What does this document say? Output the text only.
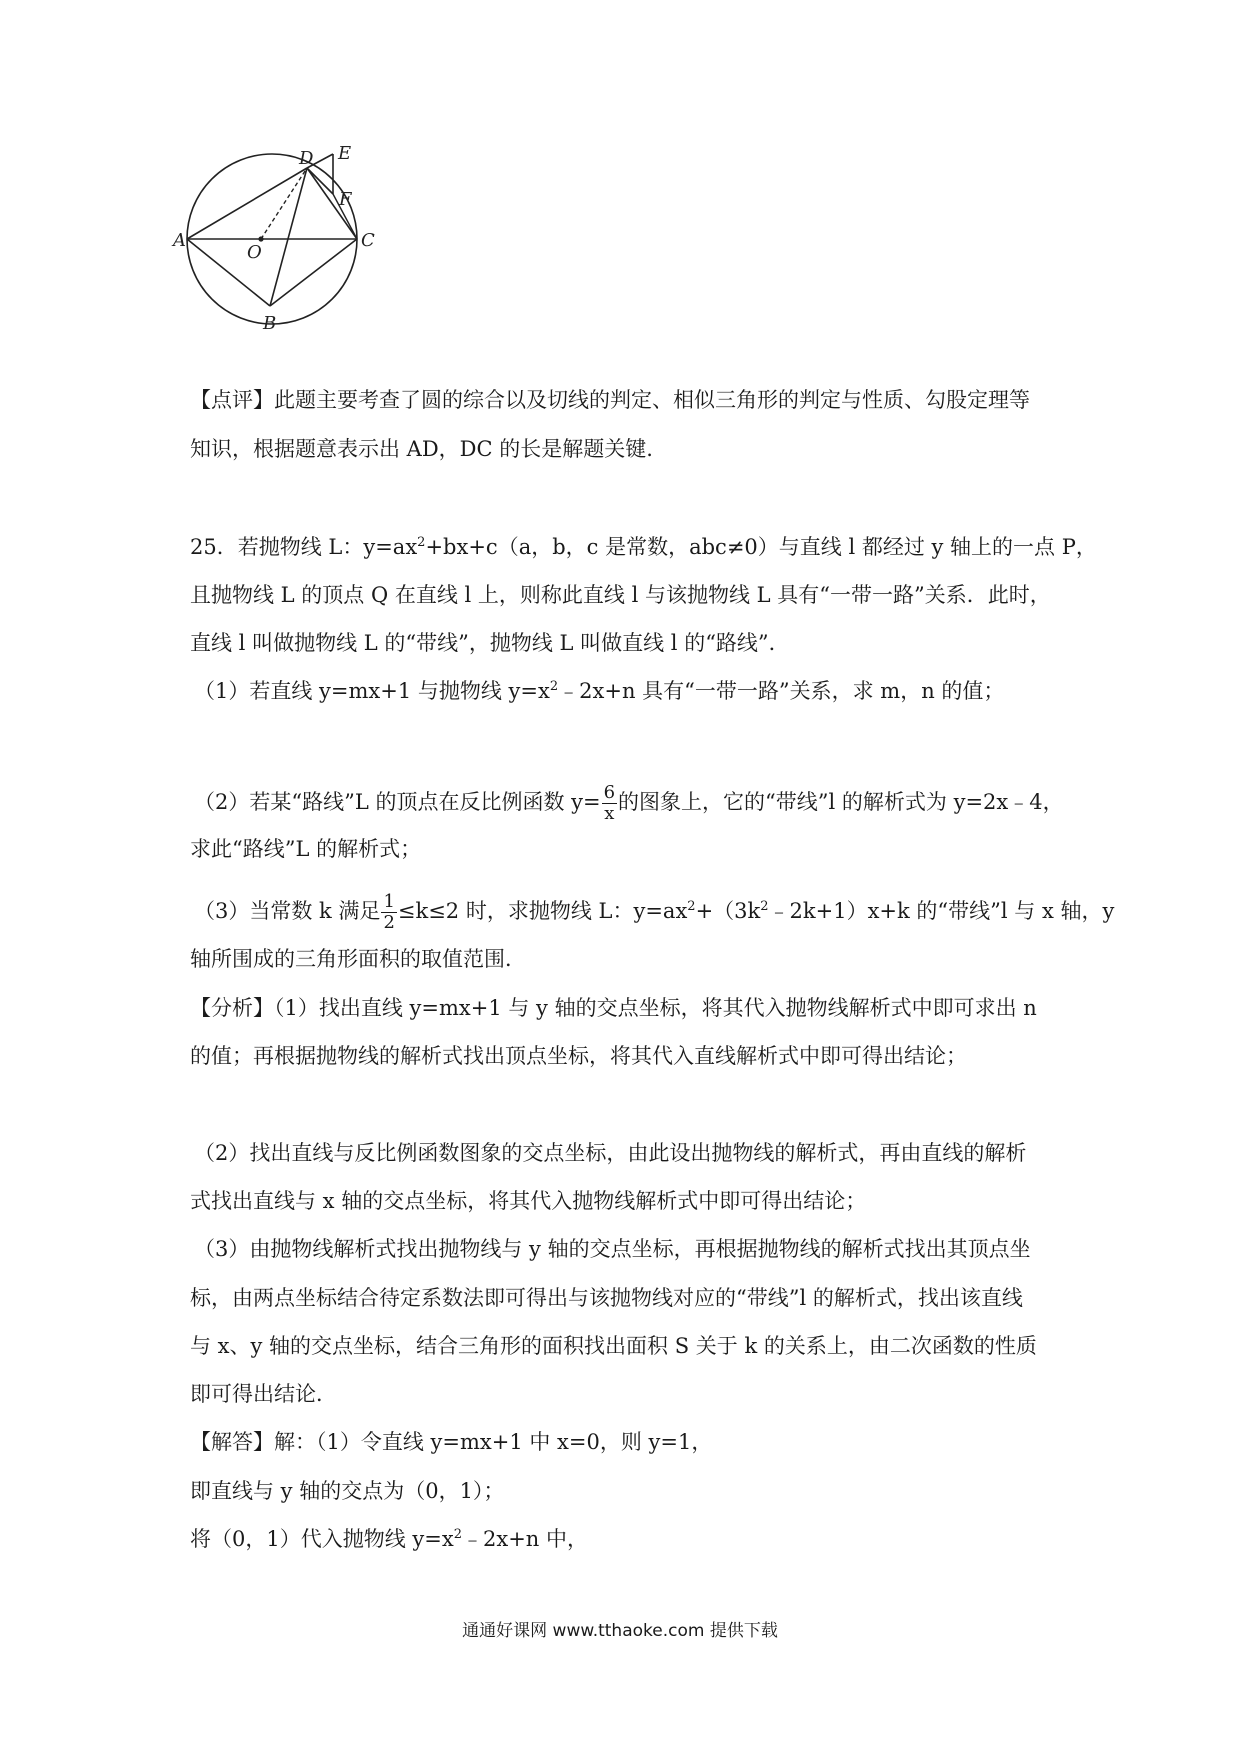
A
B
C
D E
F
O
【点评】此题主要考查了圆的综合以及切线的判定、相似三角形的判定与性质、勾股定理等
知识，根据题意表示出 AD，DC 的长是解题关键.
25．若抛物线 L：$y=ax^2+bx+c(a$，b，c 是常数，abc≠0）与直线 l 都经过 y 轴上的一点 P，
且抛物线 L 的顶点 Q 在直线 l 上，则称此直线 l 与该抛物线 L 具有“一带一路”关系．此时，
直线 l 叫做抛物线 L 的“带线”，抛物线 L 叫做直线 l 的“路线”．
（1）若直线 y=mx+1 与抛物线 $y=x^2﹣2x+n$ 具有“一带一路”关系，求 m，n 的值；
（2）若某“路线”L 的顶点在反比例函数 $y= \frac{6}{x}$ 的图象上，它的“带线”l 的解析式为 y=2x﹣4，
求此“路线”L 的解析式；
（3）当常数 k 满足 $\frac{1}{2} \le k\le 2$ 时，求抛物线 L：$y=ax^2+(3k^2﹣2k+1)x+k$ 的“带线”l 与 x 轴，y
轴所围成的三角形面积的取值范围．
【分析】（1）找出直线 y=mx+1 与 y 轴的交点坐标，将其代入抛物线解析式中即可求出 n
的值；再根据抛物线的解析式找出顶点坐标，将其代入直线解析式中即可得出结论；
（2）找出直线与反比例函数图象的交点坐标，由此设出抛物线的解析式，再由直线的解析
式找出直线与 x 轴的交点坐标，将其代入抛物线解析式中即可得出结论；
（3）由抛物线解析式找出抛物线与 y 轴的交点坐标，再根据抛物线的解析式找出其顶点坐
标，由两点坐标结合待定系数法即可得出与该抛物线对应的“带线”l 的解析式，找出该直线
与 x、y 轴的交点坐标，结合三角形的面积找出面积 S 关于 k 的关系上，由二次函数的性质
即可得出结论．
【解答】解：（1）令直线 y=mx+1 中 x=0，则 y=1，
即直线与 y 轴的交点为（0，1）；
将（0，1）代入抛物线 $y=x^2﹣2x+n$ 中，
通通好课网 www.tthaoke.com 提供下载
